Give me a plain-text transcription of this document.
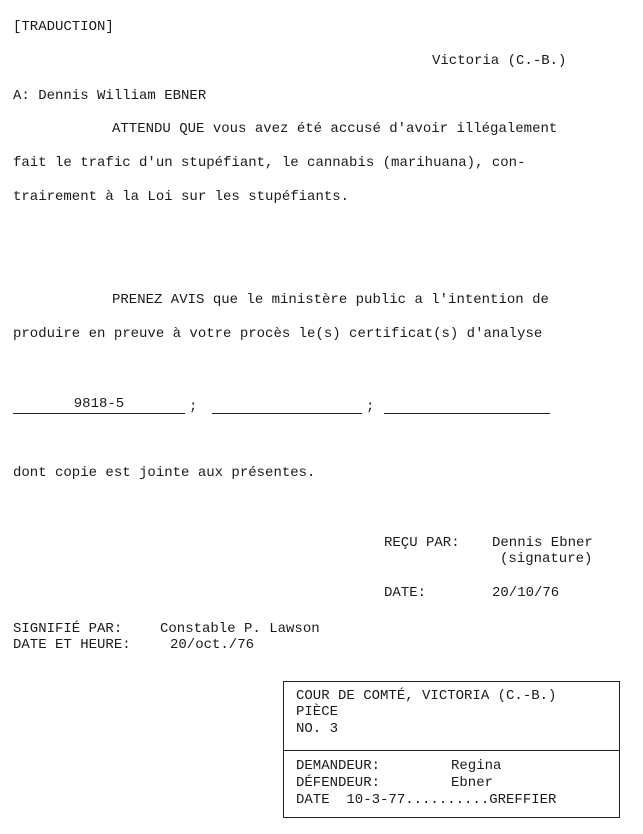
[TRADUCTION]
Victoria (C.-B.)
A: Dennis William EBNER
ATTENDU QUE vous avez été accusé d'avoir illégalement
fait le trafic d'un stupéfiant, le cannabis (marihuana), con-
trairement à la Loi sur les stupéfiants.
PRENEZ AVIS que le ministère public a l'intention de
produire en preuve à votre procès le(s) certificat(s) d'analyse
9818-5	;	;
dont copie est jointe aux présentes.
REÇU PAR: Dennis Ebner
(signature)
DATE:	20/10/76
SIGNIFIÉ PAR:	Constable P. Lawson
DATE ET HEURE:	20/oct./76
COUR DE COMTÉ, VICTORIA (C.-B.)
PIÈCE
NO. 3
DEMANDEUR:	Regina
DÉFENDEUR:	Ebner
DATE  10-3-77..........GREFFIER
